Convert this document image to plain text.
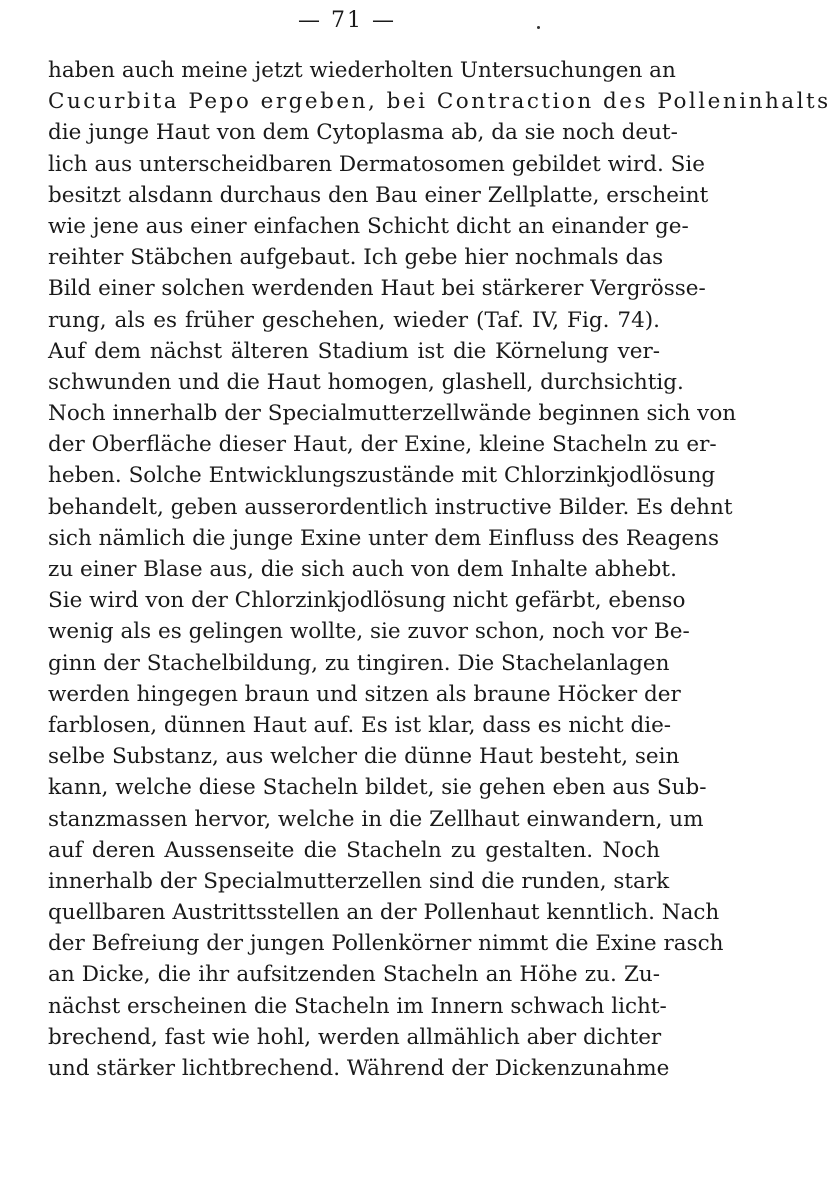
— 71 —
haben auch meine jetzt wiederholten Untersuchungen an
Cucurbita Pepo ergeben, bei Contraction des Polleninhalts
die junge Haut von dem Cytoplasma ab, da sie noch deut-
lich aus unterscheidbaren Dermatosomen gebildet wird. Sie
besitzt alsdann durchaus den Bau einer Zellplatte, erscheint
wie jene aus einer einfachen Schicht dicht an einander ge-
reihter Stäbchen aufgebaut. Ich gebe hier nochmals das
Bild einer solchen werdenden Haut bei stärkerer Vergrösse-
rung, als es früher geschehen, wieder (Taf. IV, Fig. 74).
Auf dem nächst älteren Stadium ist die Körnelung ver-
schwunden und die Haut homogen, glashell, durchsichtig.
Noch innerhalb der Specialmutterzellwände beginnen sich von
der Oberfläche dieser Haut, der Exine, kleine Stacheln zu er-
heben. Solche Entwicklungszustände mit Chlorzinkjodlösung
behandelt, geben ausserordentlich instructive Bilder. Es dehnt
sich nämlich die junge Exine unter dem Einfluss des Reagens
zu einer Blase aus, die sich auch von dem Inhalte abhebt.
Sie wird von der Chlorzinkjodlösung nicht gefärbt, ebenso
wenig als es gelingen wollte, sie zuvor schon, noch vor Be-
ginn der Stachelbildung, zu tingiren. Die Stachelanlagen
werden hingegen braun und sitzen als braune Höcker der
farblosen, dünnen Haut auf. Es ist klar, dass es nicht die-
selbe Substanz, aus welcher die dünne Haut besteht, sein
kann, welche diese Stacheln bildet, sie gehen eben aus Sub-
stanzmassen hervor, welche in die Zellhaut einwandern, um
auf deren Aussenseite die Stacheln zu gestalten. Noch
innerhalb der Specialmutterzellen sind die runden, stark
quellbaren Austrittsstellen an der Pollenhaut kenntlich. Nach
der Befreiung der jungen Pollenkörner nimmt die Exine rasch
an Dicke, die ihr aufsitzenden Stacheln an Höhe zu. Zu-
nächst erscheinen die Stacheln im Innern schwach licht-
brechend, fast wie hohl, werden allmählich aber dichter
und stärker lichtbrechend. Während der Dickenzunahme
